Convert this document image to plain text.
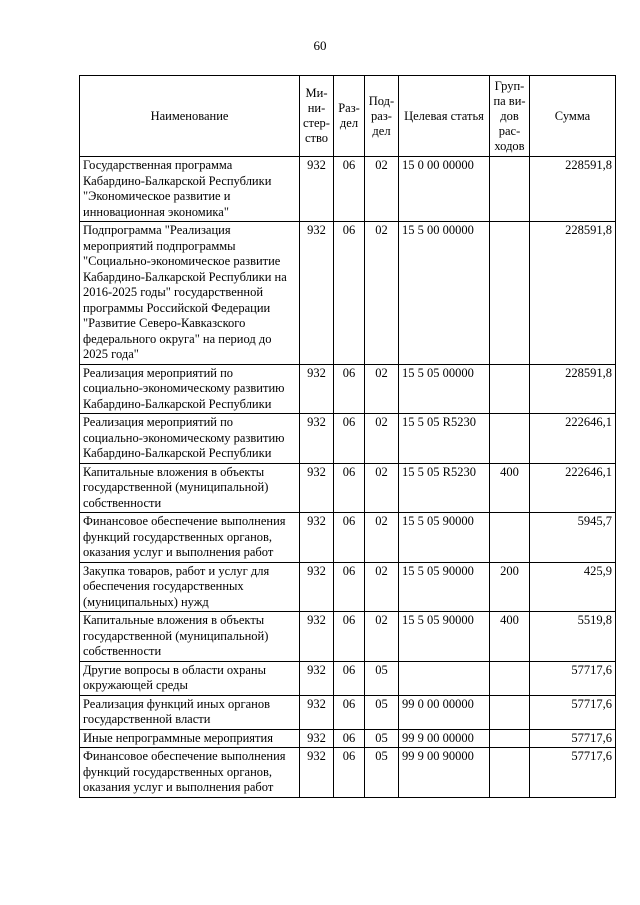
60
Наименование	Ми-ни-стер-ство	Раз-дел	Под-раз-дел	Целевая статья	Груп-па ви-дов рас-ходов	Сумма
Государственная программа Кабардино-Балкарской Республики "Экономическое развитие и инновационная экономика"	932	06	02	15 0 00 00000		228591,8
Подпрограмма "Реализация мероприятий подпрограммы "Социально-экономическое развитие Кабардино-Балкарской Республики на 2016-2025 годы" государственной программы Российской Федерации "Развитие Северо-Кавказского федерального округа" на период до 2025 года"	932	06	02	15 5 00 00000		228591,8
Реализация мероприятий по социально-экономическому развитию Кабардино-Балкарской Республики	932	06	02	15 5 05 00000		228591,8
Реализация мероприятий по социально-экономическому развитию Кабардино-Балкарской Республики	932	06	02	15 5 05 R5230		222646,1
Капитальные вложения в объекты государственной (муниципальной) собственности	932	06	02	15 5 05 R5230	400	222646,1
Финансовое обеспечение выполнения функций государственных органов, оказания услуг и выполнения работ	932	06	02	15 5 05 90000		5945,7
Закупка товаров, работ и услуг для обеспечения государственных (муниципальных) нужд	932	06	02	15 5 05 90000	200	425,9
Капитальные вложения в объекты государственной (муниципальной) собственности	932	06	02	15 5 05 90000	400	5519,8
Другие вопросы в области охраны окружающей среды	932	06	05			57717,6
Реализация функций иных органов государственной власти	932	06	05	99 0 00 00000		57717,6
Иные непрограммные мероприятия	932	06	05	99 9 00 00000		57717,6
Финансовое обеспечение выполнения функций государственных органов, оказания услуг и выполнения работ	932	06	05	99 9 00 90000		57717,6
